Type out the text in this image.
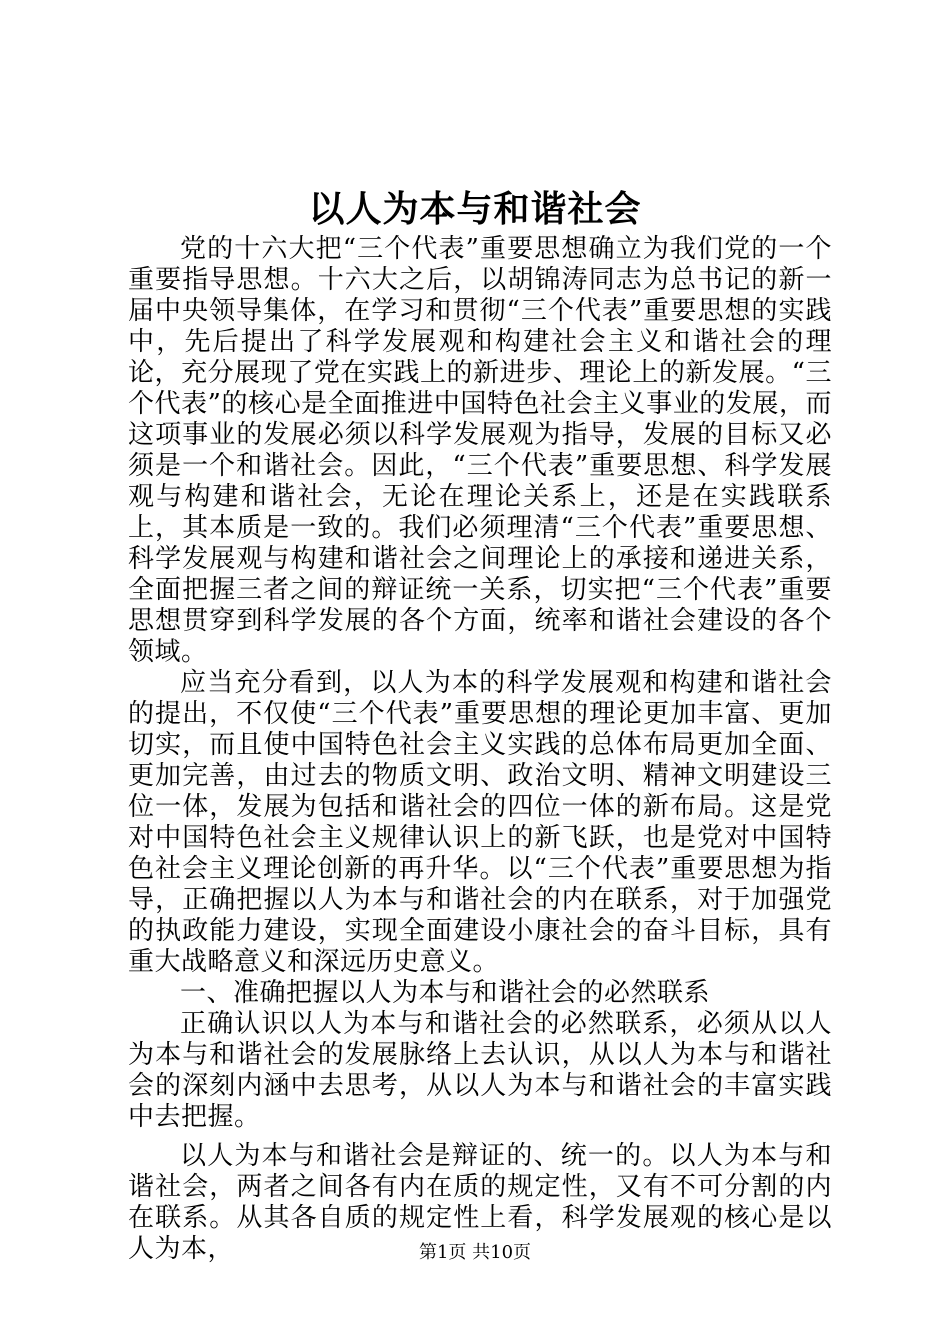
以人为本与和谐社会

党的十六大把“三个代表”重要思想确立为我们党的一个重要指导思想。十六大之后，以胡锦涛同志为总书记的新一届中央领导集体，在学习和贯彻“三个代表”重要思想的实践中，先后提出了科学发展观和构建社会主义和谐社会的理论，充分展现了党在实践上的新进步、理论上的新发展。“三个代表”的核心是全面推进中国特色社会主义事业的发展，而这项事业的发展必须以科学发展观为指导，发展的目标又必须是一个和谐社会。因此，“三个代表”重要思想、科学发展观与构建和谐社会，无论在理论关系上，还是在实践联系上，其本质是一致的。我们必须理清“三个代表”重要思想、科学发展观与构建和谐社会之间理论上的承接和递进关系，全面把握三者之间的辩证统一关系，切实把“三个代表”重要思想贯穿到科学发展的各个方面，统率和谐社会建设的各个领域。

应当充分看到，以人为本的科学发展观和构建和谐社会的提出，不仅使“三个代表”重要思想的理论更加丰富、更加切实，而且使中国特色社会主义实践的总体布局更加全面、更加完善，由过去的物质文明、政治文明、精神文明建设三位一体，发展为包括和谐社会的四位一体的新布局。这是党对中国特色社会主义规律认识上的新飞跃，也是党对中国特色社会主义理论创新的再升华。以“三个代表”重要思想为指导，正确把握以人为本与和谐社会的内在联系，对于加强党的执政能力建设，实现全面建设小康社会的奋斗目标，具有重大战略意义和深远历史意义。

一、准确把握以人为本与和谐社会的必然联系

正确认识以人为本与和谐社会的必然联系，必须从以人为本与和谐社会的发展脉络上去认识，从以人为本与和谐社会的深刻内涵中去思考，从以人为本与和谐社会的丰富实践中去把握。

以人为本与和谐社会是辩证的、统一的。以人为本与和谐社会，两者之间各有内在质的规定性，又有不可分割的内在联系。从其各自质的规定性上看，科学发展观的核心是以人为本，	第1页 共10页
